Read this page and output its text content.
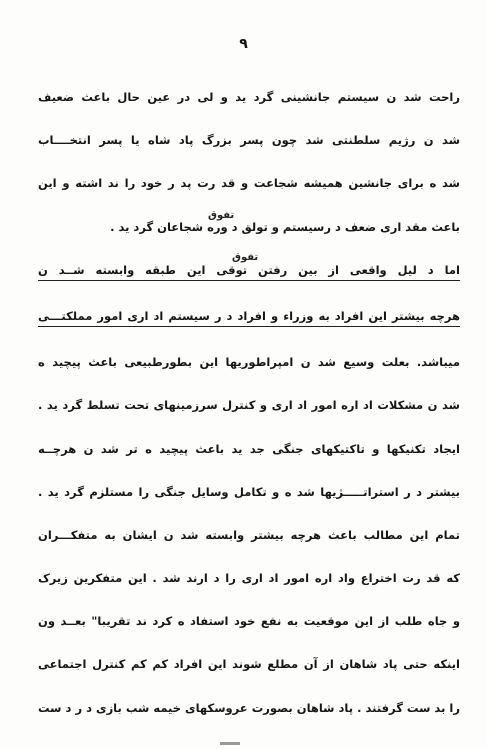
۹
تفوق
تفوق
راحت شد ن سیستم جانشینی گرد ید و لی در عین حال باعث ضعیف
شد ن رژیم سلطنتی شد چون پسر بزرگ پاد شاه یا پسر انتخــــاب
شد ه برای جانشین همیشه شجاعت و قد رت پد ر خود را ند اشته و این
باعث مقد اری ضعف د رسیستم و تولق د وره شجاعان گرد ید .
اما د لیل واقعی از بین رفتن توقی این طبقه وابسته شــد ن
هرچه بیشتر این افراد به وزراء و افراد د ر سیستم اد اری امور مملکتـــی
میباشد. بعلت وسیع شد ن امپراطوریها این بطورطبیعی باعث پیچید ه
شد ن مشکلات اد اره امور اد اری و کنترل سرزمینهای تحت تسلط گرد ید .
ایجاد تکنیکها و تاکتیکهای جنگی جد ید باعث پیچید ه تر شد ن هرچــه
بیشتر د ر استراتـــــژیها شد ه و تکامل وسایل جنگی را مستلزم گرد ید .
تمام این مطالب باعث هرچه بیشتر وابسته شد ن ایشان به متفکـــران
که قد رت اختراع واد اره امور اد اری را د ارند شد . این متفکرین زیرک
و جاه طلب از این موقعیت به نفع خود استفاد ه کرد ند تقریبا" بعــد ون
اینکه حتی پاد شاهان از آن مطلع شوند این افراد کم کم کنترل اجتماعی
را بد ست گرفتند . پاد شاهان بصورت عروسکهای خیمه شب بازی د ر د ست
